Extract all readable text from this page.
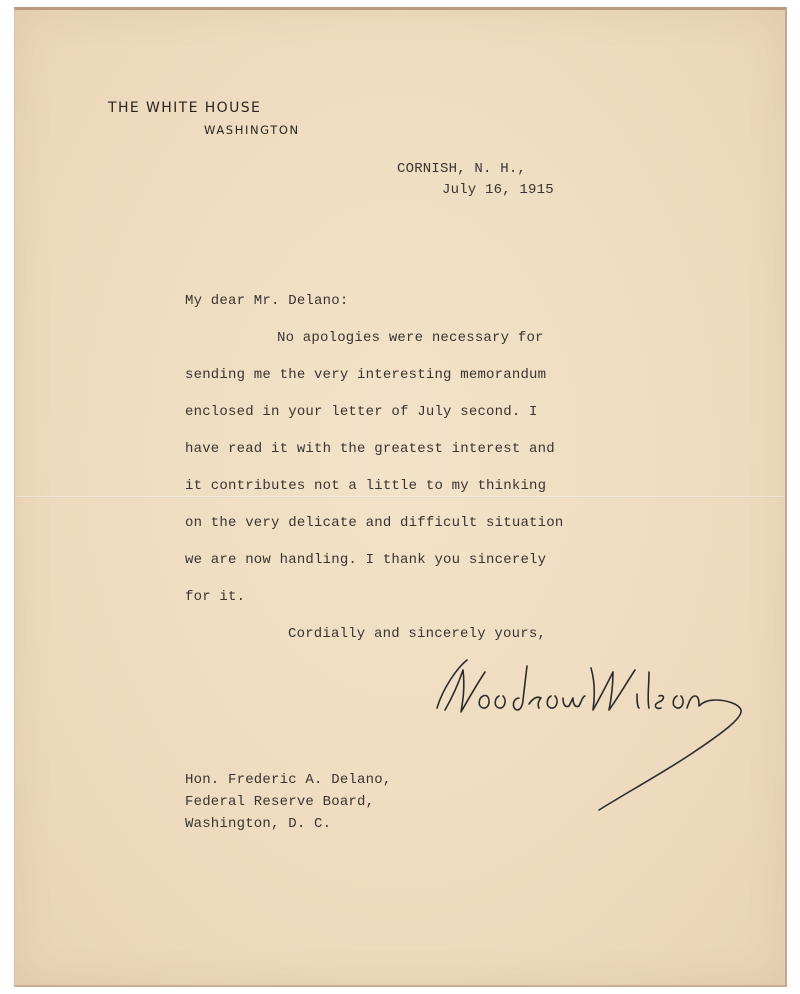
THE WHITE HOUSE
WASHINGTON
CORNISH, N. H.,
July 16, 1915
My dear Mr. Delano:
No apologies were necessary for
sending me the very interesting memorandum
enclosed in your letter of July second. I
have read it with the greatest interest and
it contributes not a little to my thinking
on the very delicate and difficult situation
we are now handling. I thank you sincerely
for it.
Cordially and sincerely yours,
Hon. Frederic A. Delano,
Federal Reserve Board,
Washington, D. C.
